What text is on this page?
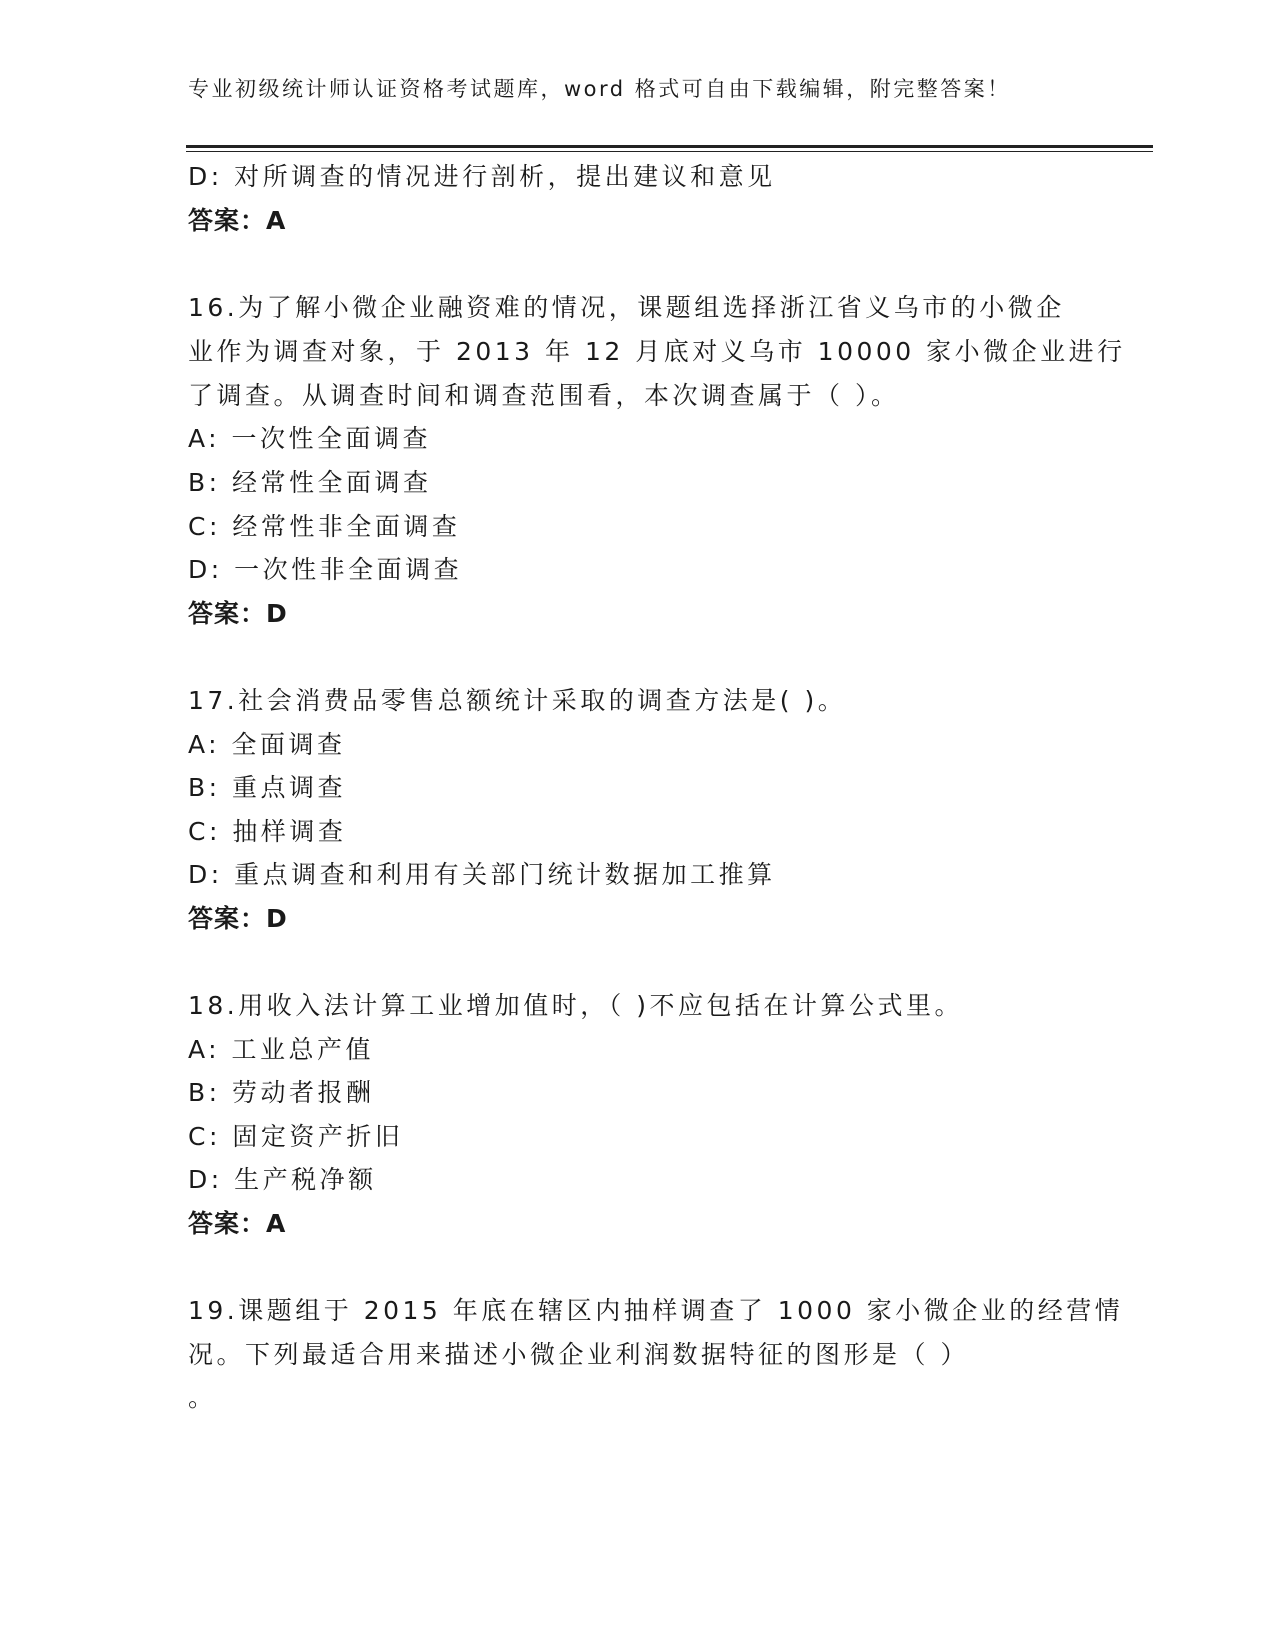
专业初级统计师认证资格考试题库，word 格式可自由下载编辑，附完整答案！
D: 对所调查的情况进行剖析，提出建议和意见
答案：A
16.为了解小微企业融资难的情况，课题组选择浙江省义乌市的小微企
业作为调查对象，于 2013 年 12 月底对义乌市 10000 家小微企业进行
了调查。从调查时间和调查范围看，本次调查属于（ ）。
A: 一次性全面调查
B: 经常性全面调查
C: 经常性非全面调查
D: 一次性非全面调查
答案：D
17.社会消费品零售总额统计采取的调查方法是( )。
A: 全面调查
B: 重点调查
C: 抽样调查
D: 重点调查和利用有关部门统计数据加工推算
答案：D
18.用收入法计算工业增加值时，（ )不应包括在计算公式里。
A: 工业总产值
B: 劳动者报酬
C: 固定资产折旧
D: 生产税净额
答案：A
19.课题组于 2015 年底在辖区内抽样调查了 1000 家小微企业的经营情
况。下列最适合用来描述小微企业利润数据特征的图形是（ ）
。
